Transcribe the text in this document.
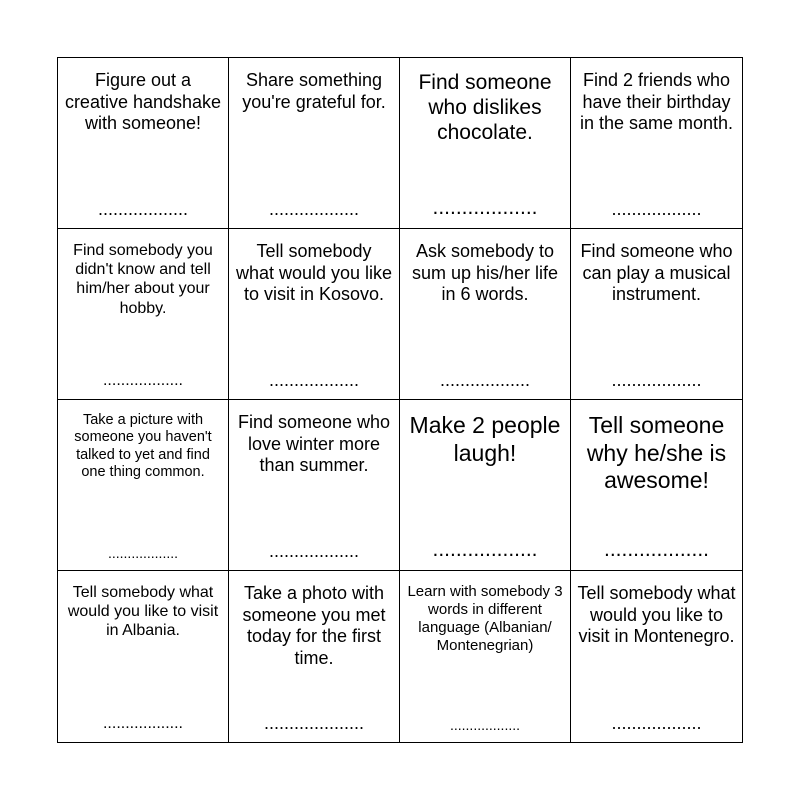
Figure out a creative handshake with someone!
..................
Share something you're grateful for.
..................
Find someone who dislikes chocolate.
..................
Find 2 friends who have their birthday in the same month.
..................
Find somebody you didn't know and tell him/her about your hobby.
..................
Tell somebody what would you like to visit in Kosovo.
..................
Ask somebody to sum up his/her life in 6 words.
..................
Find someone who can play a musical instrument.
..................
Take a picture with someone you haven't talked to yet and find one thing common.
..................
Find someone who love winter more than summer.
..................
Make 2 people laugh!
..................
Tell someone why he/she is awesome!
..................
Tell somebody what would you like to visit in Albania.
..................
Take a photo with someone you met today for the first time.
....................
Learn with somebody 3 words in different language (Albanian/ Montenegrian)
..................
Tell somebody what would you like to visit in Montenegro.
..................
